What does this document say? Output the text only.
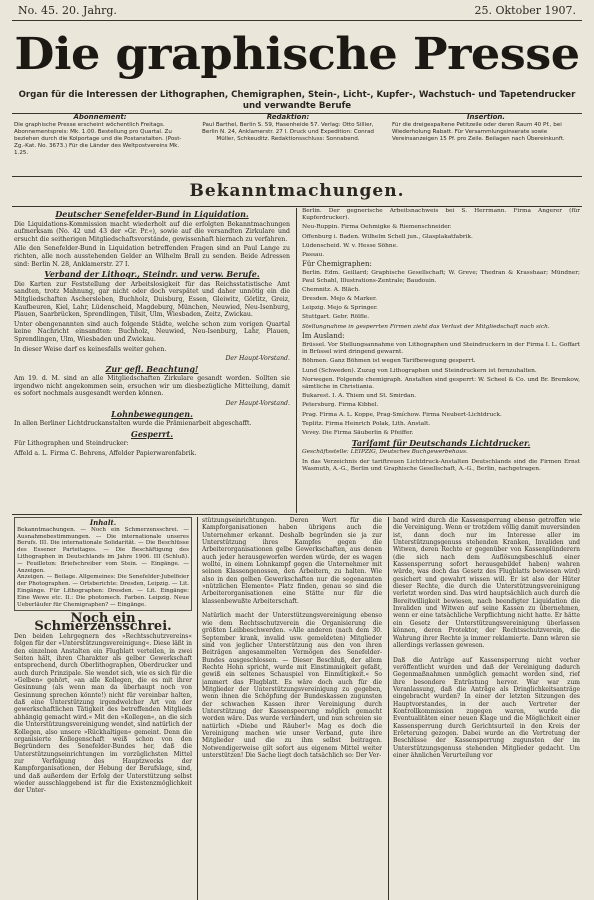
No. 45. 20. Jahrg.	25. Oktober 1907.
Die graphische Presse
Organ für die Interessen der Lithographen, Chemigraphen, Stein-, Licht-, Kupfer-, Wachstuch- und Tapetendrucker und verwandte Berufe
Abonnement:

Die graphische Presse erscheint wöchentlich Freitags. Abonnementspreis: Mk. 1.00. Bestellung pro Quartal. Zu beziehen durch die Kolportage und die Postanstalten. (Post-Zg.-Kat. No. 3673.) Für die Länder des Weltpostvereins Mk. 1.25.

Redaktion:

Paul Barthel, Berlin S. 59, Hasenheide 57. Verlag: Otto Sillier, Berlin N. 24, Anklamerstr. 27 I. Druck und Expedition: Conrad Müller, Schkeuditz. Redaktionsschluss: Sonnabend.

Insertion.

Für die dreigespaltene Petitzeile oder deren Raum 40 Pf., bei Wiederholung Rabatt. Für Versammlungsinserate sowie Vereinsanzeigen 15 Pf. pro Zeile. Beilagen nach Übereinkunft.

Bekanntmachungen.
Deutscher Senefelder-Bund in Liquidation.

Die Liquidations-Kommission macht wiederholt auf die erfolgten Bekanntmachungen aufmerksam (No. 42 und 43 der »Gr. Pr.«), sowie auf die versandten Zirkulare und ersucht die seitherigen Mitgliedschaftsvorstände, gewissenhaft hiernach zu verfahren.

Alle den Senefelder-Bund in Liquidation betreffenden Fragen sind an Paul Lange zu richten, alle noch ausstehenden Gelder an Wilhelm Brall zu senden. Beide Adressen sind: Berlin N. 28, Anklamerstr. 27 I.

Verband der Lithogr., Steindr. und verw. Berufe.

Die Karten zur Feststellung der Arbeitslosigkeit für das Reichsstatistische Amt sandten, trotz Mahnung, gar nicht oder doch verspätet und daher unnötig ein die Mitgliedschaften Aschersleben, Buchholz, Duisburg, Essen, Gleiwitz, Görlitz, Greiz, Kaufbeuren, Kiel, Lahr, Lüdenscheid, Magdeburg, München, Neuwied, Neu-Isenburg, Plauen, Saarbrücken, Sprendlingen, Tilsit, Ulm, Wiesbaden, Zeitz, Zwickau.

Unter obengenannten sind auch folgende Städte, welche schon zum vorigen Quartal keine Nachricht einsandten: Buchholz, Neuwied, Neu-Isenburg, Lahr, Plauen, Sprendlingen, Ulm, Wiesbaden und Zwickau.

In dieser Weise darf es keinesfalls weiter gehen.

Der Haupt-Vorstand.

Zur gefl. Beachtung!

Am 19. d. M. sind an alle Mitgliedschaften Zirkulare gesandt worden. Sollten sie irgendwo nicht angekommen sein, ersuchen wir um diesbezügliche Mitteilung, damit es sofort nochmals ausgesandt werden können.

Der Haupt-Vorstand.

Lohnbewegungen.

In allen Berliner Lichtdruckanstalten wurde die Prämienarbeit abgeschafft.

Gesperrt.

Für Lithographen und Steindrucker:

Affeld a. L. Firma C. Behrens, Affelder Papierwarenfabrik.

Berlin. Der gegnerische Arbeitsnachweis bei S. Herrmann. Firma Angerer (für Kupferdrucker).

Neu-Ruppin. Firma Oehmigke & Riemenschneider.

Offenburg i. Baden. Wilhelm Schell jun., Glasplakatfabrik.

Lüdenscheid. W. v. Hesse Söhne.

Passau.

Für Chemigraphen:

Berlin. Edm. Geillard; Graphische Gesellschaft; W. Greve; Thedran & Krasshaar; Mündner; Paul Schahl, Illustrations-Zentrale; Baudouin.

Chemnitz. A. Bläch.

Dresden. Mejo & Marker.

Leipzig. Mejo & Springer.

Stuttgart. Gebr. Rölfle.

Stellungnahme in gesperrten Firmen zieht das Verlust der Mitgliedschaft nach sich.

Im Ausland:

Brüssel. Vor Stellungsannahme von Lithographen und Steindruckern in der Firma I. L. Goffart in Brüssel wird dringend gewarnt.

Böhmen. Ganz Böhmen ist wegen Tarifbewegung gesperrt.

Lund (Schweden). Zuzug von Lithographen und Steindruckern ist fernzuhalten.

Norwegen. Folgende chemigraph. Anstalten sind gesperrt: W. Scheel & Co. und Br. Bremkow, sämtliche in Christiania.

Bukarest. I. A. Thiem und St. Smirdan.

Petersburg. Firma Kibbel.

Prag. Firma A. L. Koppe, Prag-Smíchow. Firma Neubert-Lichtdruck.

Teplitz. Firma Heinrich Polak, Lith. Anstalt.

Vevey. Die Firma Säuberlin & Pfeiffer.

Tarifamt für Deutschands Lichtdrucker.

Geschäftsstelle: LEIPZIG, Deutsches Buchgewerbehaus.

In das Verzeichnis der tariftreuen Lichtdruck-Anstalten Deutschlands sind die Firmen Ernst Wasmuth, A.-G., Berlin und Graphische Gesellschaft, A.-G., Berlin, nachgetragen.

Inhalt.

Bekanntmachungen. — Noch ein Schmerzensschrei. — Ausnahmebestimmungen. — Die internationale unseres Berufs. III. Die internationale Solidarität. — Die Beschlüsse des Essener Parteitages. — Die Beschäftigung des Lithographen in Deutschlands im Jahre 1906. III (Schluß). — Feuilleton: Briefschreiber vom Stein. — Eingänge. — Anzeigen.

Anzeigen. — Beilage. Allgemeines: Die Senefelder-Jubelfeier der Photographen. — Ortsberichte: Dresden, Leipzig. — Lit. Eingänge. Für Lithographen: Dresden. — Lit. Eingänge: Eine Wewe etc. II.: Die photomech. Farben. Leipzig. Neue Ueberläufer für Chemigraphen? — Eingänge.

Noch ein Schmerzensschrei.

Den beiden Lehrgegnern des »Rechtsschutzvereins« folgen für der »Unterstützungsvereinigung«. Diese läßt in den einzelnen Anstalten ein Flugblatt verteilen, in zwei Seiten hält, ihren Charakter als gelber Gewerkschaft entsprechend, durch Oberlithographen, Oberdrucker und auch durch Prinzipale. Sie wendet sich, wie es sich für die »Gelben« gehört, »an alle Kollegen, die es mit ihrer Gesinnung (als wenn man da überhaupt noch von Gesinnung sprechen könnte!) nicht für vereinbar halten, daß eine Unterstützung irgendwelcher Art von der gewerkschaftlichen Tätigkeit des betreffenden Mitglieds abhängig gemacht wird.« Mit den »Kollegen«, an die sich die Unterstützungsvereinigung wendet, sind natürlich der Kollegen, also unsere »Rückhaltigen« gemeint. Denn die organisierte Kollegenschaft weiß schon von den Begründern des Senefelder-Bundes her, daß die Unterstützungseinrichtungen im vorzüglichsten Mittel zur Verfolgung des Hauptzwecks der Kampforganisationen, der Hebung der Berufslage, sind, und daß außerdem der Erfolg der Unterstützung selbst wieder ausschlaggebend ist für die Existenzmöglichkeit der Unter-

stützungseinrichtungen. Deren Wert für die Kampforganisationen haben übrigens auch die Unternehmer erkannt. Deshalb begründen sie ja zur Unterstützung ihres Kampfes gegen die Arbeiterorganisationen gelbe Gewerkschaften, aus denen auch jeder herausgeworfen werden würde, der es wagen wollte, in einem Lohnkampf gegen die Unternehmer mit seinen Klassengenossen, den Arbeitern, zu halten. Wie also in den gelben Gewerkschaften nur die sogenannten »nützlichen Elemente« Platz finden, genau so sind die Arbeiterorganisationen eine Stätte nur für die klassenbewußte Arbeiterschaft.

Natürlich macht der Unterstützungsvereinigung ebenso wie dem Rechtsschutzverein die Organisierung die größten Leibbeschwerden. »Alle anderen (nach dem 30. September krank, invalid usw. gemeldeten) Mitglieder sind von jeglicher Unterstützung aus den von ihren Beiträgen angesammelten Vermögen des Senefelder-Bundes ausgeschlossen. — Dieser Beschluß, der allem Rechte Hohn spricht, wurde mit Einstimmigkeit gefaßt, gewiß ein seltenes Schauspiel von Einmütigkeit.« So jammert das Flugblatt. Es wäre doch auch für die Mitglieder der Unterstützungsvereinigung zu gegeben, wenn ihnen die Schöpfung der Bundeskassen zugunsten der schwachen Kassen ihrer Vereinigung durch Unterstützung der Kassenspeerung möglich gemacht worden wäre. Das wurde verhindert, und nun schreien sie natürlich »Diebe und Räuber!« Mag es doch die Vereinigung machen wie unser Verband, gute ihre Mitglieder und die zu ihm selbst beitragen. Notwendigerweise gilt sofort aus eigenem Mittel weiter unterstützen! Die Sache liegt doch tatsächlich so: Der Ver-

band wird durch die Kassensperrung ebenso getroffen wie die Vereinigung. Wenn er trotzdem völlig damit muversinden ist, dann doch nur im Interesse aller im Unterstützungsgenuss stehenden Kranken, Invaliden und Witwen, deren Rechte er gegenüber von Kassenplünderern (die sich nach dem Auflösungsbeschluß einer Kassensperrung sofort herausgebildet haben) wahren würde, was doch das Gesetz des Flugblatts bewiesen wird) gesichert und gewahrt wissen will. Er ist also der Hüter dieser Rechte, die durch die Unterstützungsvereinigung verletzt worden sind. Das wird hauptsächlich auch durch die Bereitwilligkeit bewiesen, nach beendigter Liquidation die Invaliden und Witwen auf seine Kassen zu übernehmen, wenn er eine tatsächliche Verpflichtung nicht hatte. Er hätte ein Gesetz der Unterstützungsvereinigung überlassen können, deren Protektor, der Rechtsschutzverein, die Wahrung ihrer Rechte ja immer reklamierte. Dann wären sie allerdings verlassen gewesen.

Daß die Anträge auf Kassensperrung nicht vorher veröffentlicht wurden und daß der Vereinigung dadurch Gegenmaßnahmen unmöglich gemacht worden sind, rief ihre besondere Entrüstung hervor. War war zum Veranlassung, daß die Anträge als Dringlichkeitsanträge eingebracht wurden? In einer der letzten Sitzungen des Hauptvorstandes, in der auch Vertreter der Kontrollkommission zugegen waren, wurde die Eventualitäten einer neuen Klage und die Möglichkeit einer Kassensperrung durch Gerichtsurteil in den Kreis der Erörterung gezogen. Dabei wurde an die Vertretung der Beschlüsse der Kassensperrung zugunsten der im Unterstützungsgenuss stehenden Mitglieder gedacht. Um einer ähnlichen Verurteilung vor
